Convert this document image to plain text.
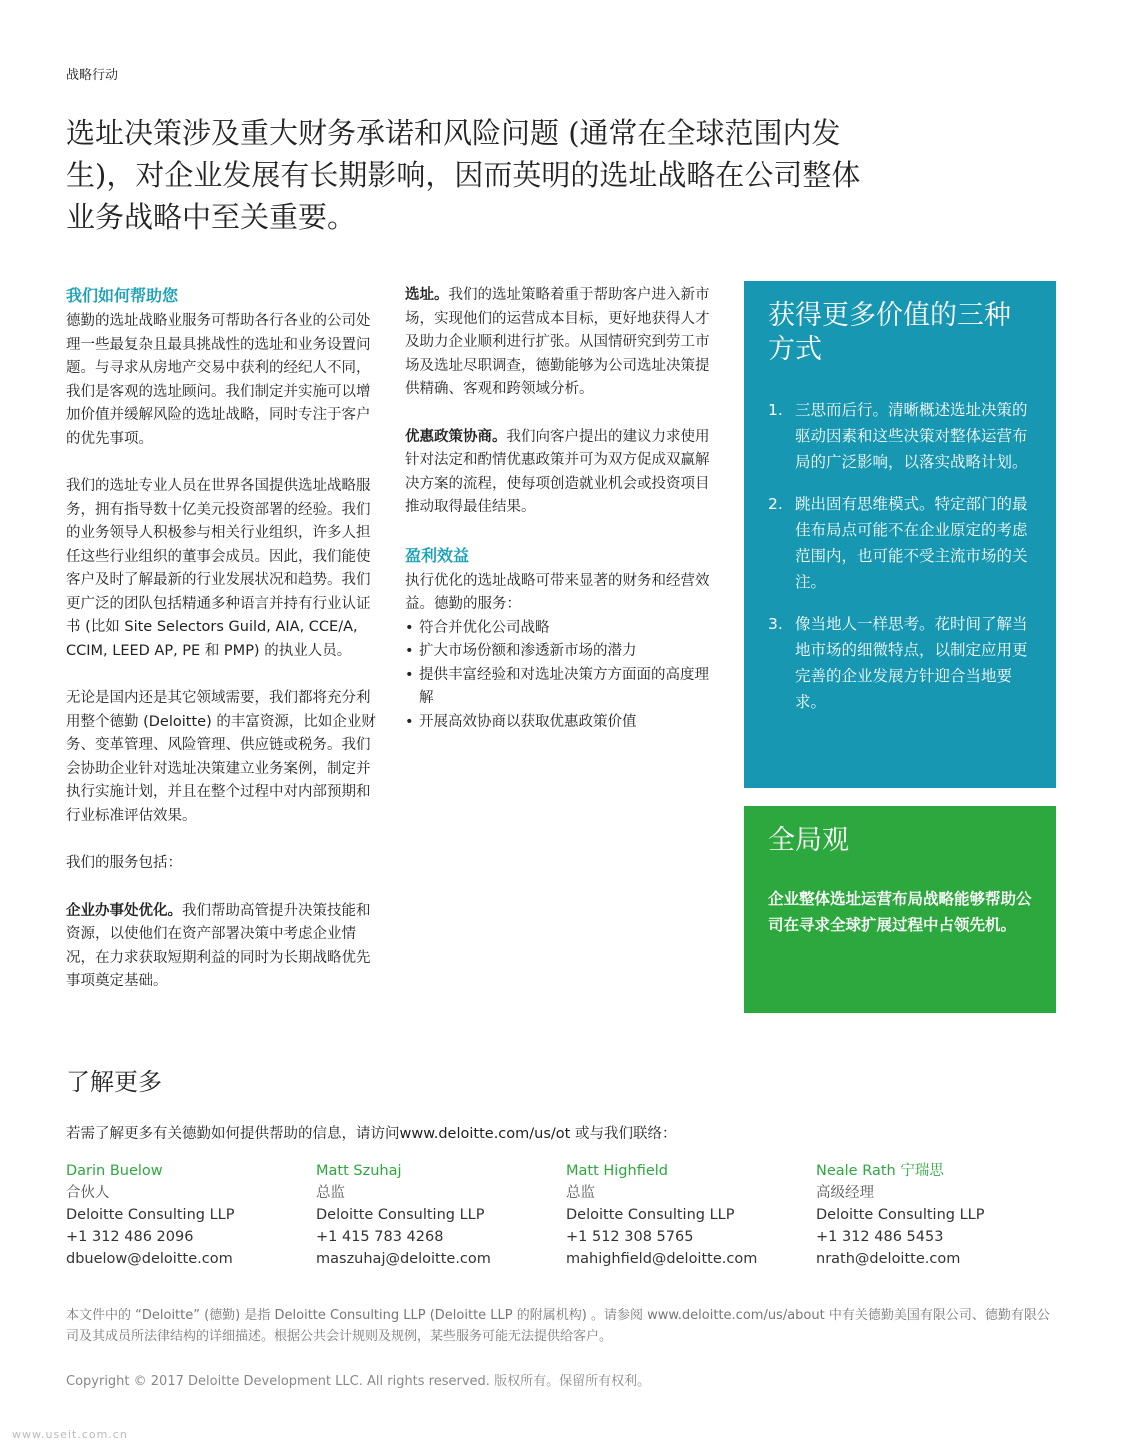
战略行动
选址决策涉及重大财务承诺和风险问题 (通常在全球范围内发生)，对企业发展有长期影响，因而英明的选址战略在公司整体业务战略中至关重要。
我们如何帮助您

德勤的选址战略业服务可帮助各行各业的公司处理一些最复杂且最具挑战性的选址和业务设置问题。与寻求从房地产交易中获利的经纪人不同，我们是客观的选址顾问。我们制定并实施可以增加价值并缓解风险的选址战略，同时专注于客户的优先事项。

我们的选址专业人员在世界各国提供选址战略服务，拥有指导数十亿美元投资部署的经验。我们的业务领导人积极参与相关行业组织，许多人担任这些行业组织的董事会成员。因此，我们能使客户及时了解最新的行业发展状况和趋势。我们更广泛的团队包括精通多种语言并持有行业认证书 (比如 Site Selectors Guild, AIA, CCE/A, CCIM, LEED AP, PE 和 PMP) 的执业人员。

无论是国内还是其它领域需要，我们都将充分利用整个德勤 (Deloitte) 的丰富资源，比如企业财务、变革管理、风险管理、供应链或税务。我们会协助企业针对选址决策建立业务案例，制定并执行实施计划，并且在整个过程中对内部预期和行业标准评估效果。

我们的服务包括：

企业办事处优化。我们帮助高管提升决策技能和资源，以使他们在资产部署决策中考虑企业情况，在力求获取短期利益的同时为长期战略优先事项奠定基础。

选址。我们的选址策略着重于帮助客户进入新市场，实现他们的运营成本目标，更好地获得人才及助力企业顺利进行扩张。从国情研究到劳工市场及选址尽职调查，德勤能够为公司选址决策提供精确、客观和跨领域分析。

优惠政策协商。我们向客户提出的建议力求使用针对法定和酌情优惠政策并可为双方促成双赢解决方案的流程，使每项创造就业机会或投资项目推动取得最佳结果。

盈利效益
执行优化的选址战略可带来显著的财务和经营效益。德勤的服务：
• 符合并优化公司战略
• 扩大市场份额和渗透新市场的潜力
• 提供丰富经验和对选址决策方方面面的高度理解
• 开展高效协商以获取优惠政策价值
获得更多价值的三种方式
1. 三思而后行。清晰概述选址决策的驱动因素和这些决策对整体运营布局的广泛影响，以落实战略计划。
2. 跳出固有思维模式。特定部门的最佳布局点可能不在企业原定的考虑范围内，也可能不受主流市场的关注。
3. 像当地人一样思考。花时间了解当地市场的细微特点，以制定应用更完善的企业发展方针迎合当地要求。
全局观
企业整体选址运营布局战略能够帮助公司在寻求全球扩展过程中占领先机。
了解更多
若需了解更多有关德勤如何提供帮助的信息，请访问www.deloitte.com/us/ot 或与我们联络：
Darin Buelow
合伙人
Deloitte Consulting LLP
+1 312 486 2096
dbuelow@deloitte.com
Matt Szuhaj
总监
Deloitte Consulting LLP
+1 415 783 4268
maszuhaj@deloitte.com
Matt Highfield
总监
Deloitte Consulting LLP
+1 512 308 5765
mahighfield@deloitte.com
Neale Rath 宁瑞思
高级经理
Deloitte Consulting LLP
+1 312 486 5453
nrath@deloitte.com
本文件中的 “Deloitte” (德勤) 是指 Deloitte Consulting LLP (Deloitte LLP 的附属机构) 。请参阅 www.deloitte.com/us/about 中有关德勤美国有限公司、德勤有限公司及其成员所法律结构的详细描述。根据公共会计规则及规例，某些服务可能无法提供给客户。
Copyright © 2017 Deloitte Development LLC. All rights reserved. 版权所有。保留所有权利。
www.useit.com.cn
